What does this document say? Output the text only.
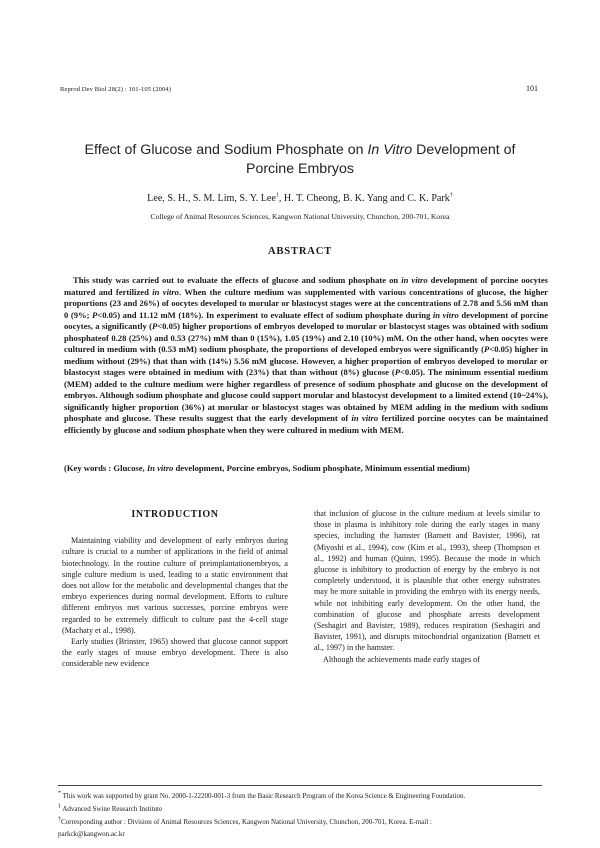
Reprod Dev Biol 28(2) : 101-105 (2004)	101
Effect of Glucose and Sodium Phosphate on In Vitro Development of
Porcine Embryos
Lee, S. H., S. M. Lim, S. Y. Lee$^1$, H. T. Cheong, B. K. Yang and C. K. Park†
College of Animal Resources Sciences, Kangwon National University, Chunchon, 200-701, Korea
ABSTRACT
This study was carried out to evaluate the effects of glucose and sodium phosphate on in vitro development of porcine oocytes matured and fertilized in vitro. When the culture medium was supplemented with various concentrations of glucose, the higher proportions (23 and 26%) of oocytes developed to morular or blastocyst stages were at the concentrations of 2.78 and 5.56 mM than 0 (9%; P<0.05) and 11.12 mM (18%). In experiment to evaluate effect of sodium phosphate during in vitro development of porcine oocytes, a significantly (P<0.05) higher proportions of embryos developed to morular or blastocyst stages was obtained with sodium phosphateof 0.28 (25%) and 0.53 (27%) mM than 0 (15%), 1.05 (19%) and 2.10 (10%) mM. On the other hand, when oocytes were cultured in medium with (0.53 mM) sodium phosphate, the proportions of developed embryos were significantly (P<0.05) higher in medium without (29%) that than with (14%) 5.56 mM glucose. However, a higher proportion of embryos developed to morular or blastocyst stages were obtained in medium with (23%) that than without (8%) glucose (P<0.05). The minimum essential medium (MEM) added to the culture medium were higher regardless of presence of sodium phosphate and glucose on the development of embryos. Although sodium phosphate and glucose could support morular and blastocyst development to a limited extend (10~24%), significantly higher proportion (36%) at morular or blastocyst stages was obtained by MEM adding in the medium with sodium phosphate and glucose. These results suggest that the early development of in vitro fertilized porcine oocytes can be maintained efficiently by glucose and sodium phosphate when they were cultured in medium with MEM.
(Key words : Glucose, In vitro development, Porcine embryos, Sodium phosphate, Minimum essential medium)
INTRODUCTION

Maintaining viability and development of early embryos during culture is crucial to a number of applications in the field of animal biotechnology. In the routine culture of preimplantationembryos, a single culture medium is used, leading to a static environment that does not allow for the metabolic and developmental changes that the embryo experiences during normal development. Efforts to culture different embryos met various successes, porcine embryos were regarded to be extremely difficult to culture past the 4-cell stage (Machaty et al., 1998).

Early studies (Brinster, 1965) showed that glucose cannot support the early stages of mouse embryo development. There is also considerable new evidence

that inclusion of glucose in the culture medium at levels similar to those in plasma is inhibitory role during the early stages in many species, including the hamster (Barnett and Bavister, 1996), rat (Miyoshi et al., 1994), cow (Kim et al., 1993), sheep (Thompson et al., 1992) and human (Quinn, 1995). Because the mode in which glucose is inhibitory to production of energy by the embryo is not completely understood, it is plausible that other energy substrates may be more suitable in providing the embryo with its energy needs, while not inhibiting early development. On the other hand, the combination of glucose and phosphate arrests development (Seshagiri and Bavister, 1989), reduces respiration (Seshagiri and Bavister, 1991), and disrupts mitochondrial organization (Barnett et al., 1997) in the hamster.

Although the achievements made early stages of

* This work was supported by grant No. 2000-1-22200-001-3 from the Basic Research Program of the Korea Science & Engineering Foundation.
$^1$ Advanced Swine Research Institute
†Corresponding author : Division of Animal Resources Sciences, Kangwon National University, Chunchon, 200-701, Korea. E-mail :
parkck@kangwon.ac.kr
